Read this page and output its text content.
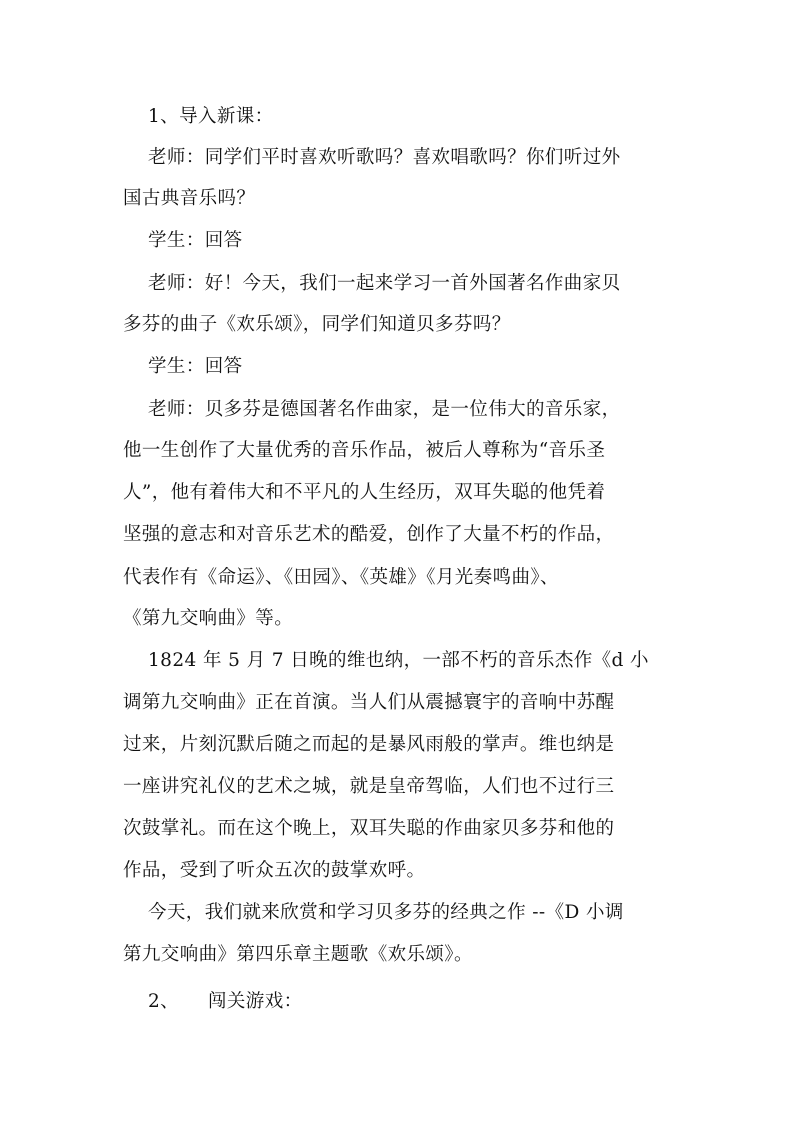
1、导入新课：
老师：同学们平时喜欢听歌吗？喜欢唱歌吗？你们听过外
国古典音乐吗？
学生：回答
老师：好！今天，我们一起来学习一首外国著名作曲家贝
多芬的曲子《欢乐颂》，同学们知道贝多芬吗？
学生：回答
老师：贝多芬是德国著名作曲家，是一位伟大的音乐家，
他一生创作了大量优秀的音乐作品，被后人尊称为“音乐圣
人”，他有着伟大和不平凡的人生经历，双耳失聪的他凭着
坚强的意志和对音乐艺术的酷爱，创作了大量不朽的作品，
代表作有《命运》、《田园》、《英雄》《月光奏鸣曲》、
《第九交响曲》等。
1824 年 5 月 7 日晚的维也纳，一部不朽的音乐杰作《d 小
调第九交响曲》正在首演。当人们从震撼寰宇的音响中苏醒
过来，片刻沉默后随之而起的是暴风雨般的掌声。维也纳是
一座讲究礼仪的艺术之城，就是皇帝驾临，人们也不过行三
次鼓掌礼。而在这个晚上，双耳失聪的作曲家贝多芬和他的
作品，受到了听众五次的鼓掌欢呼。
今天，我们就来欣赏和学习贝多芬的经典之作 --《D 小调
第九交响曲》第四乐章主题歌《欢乐颂》。
2、 闯关游戏：
